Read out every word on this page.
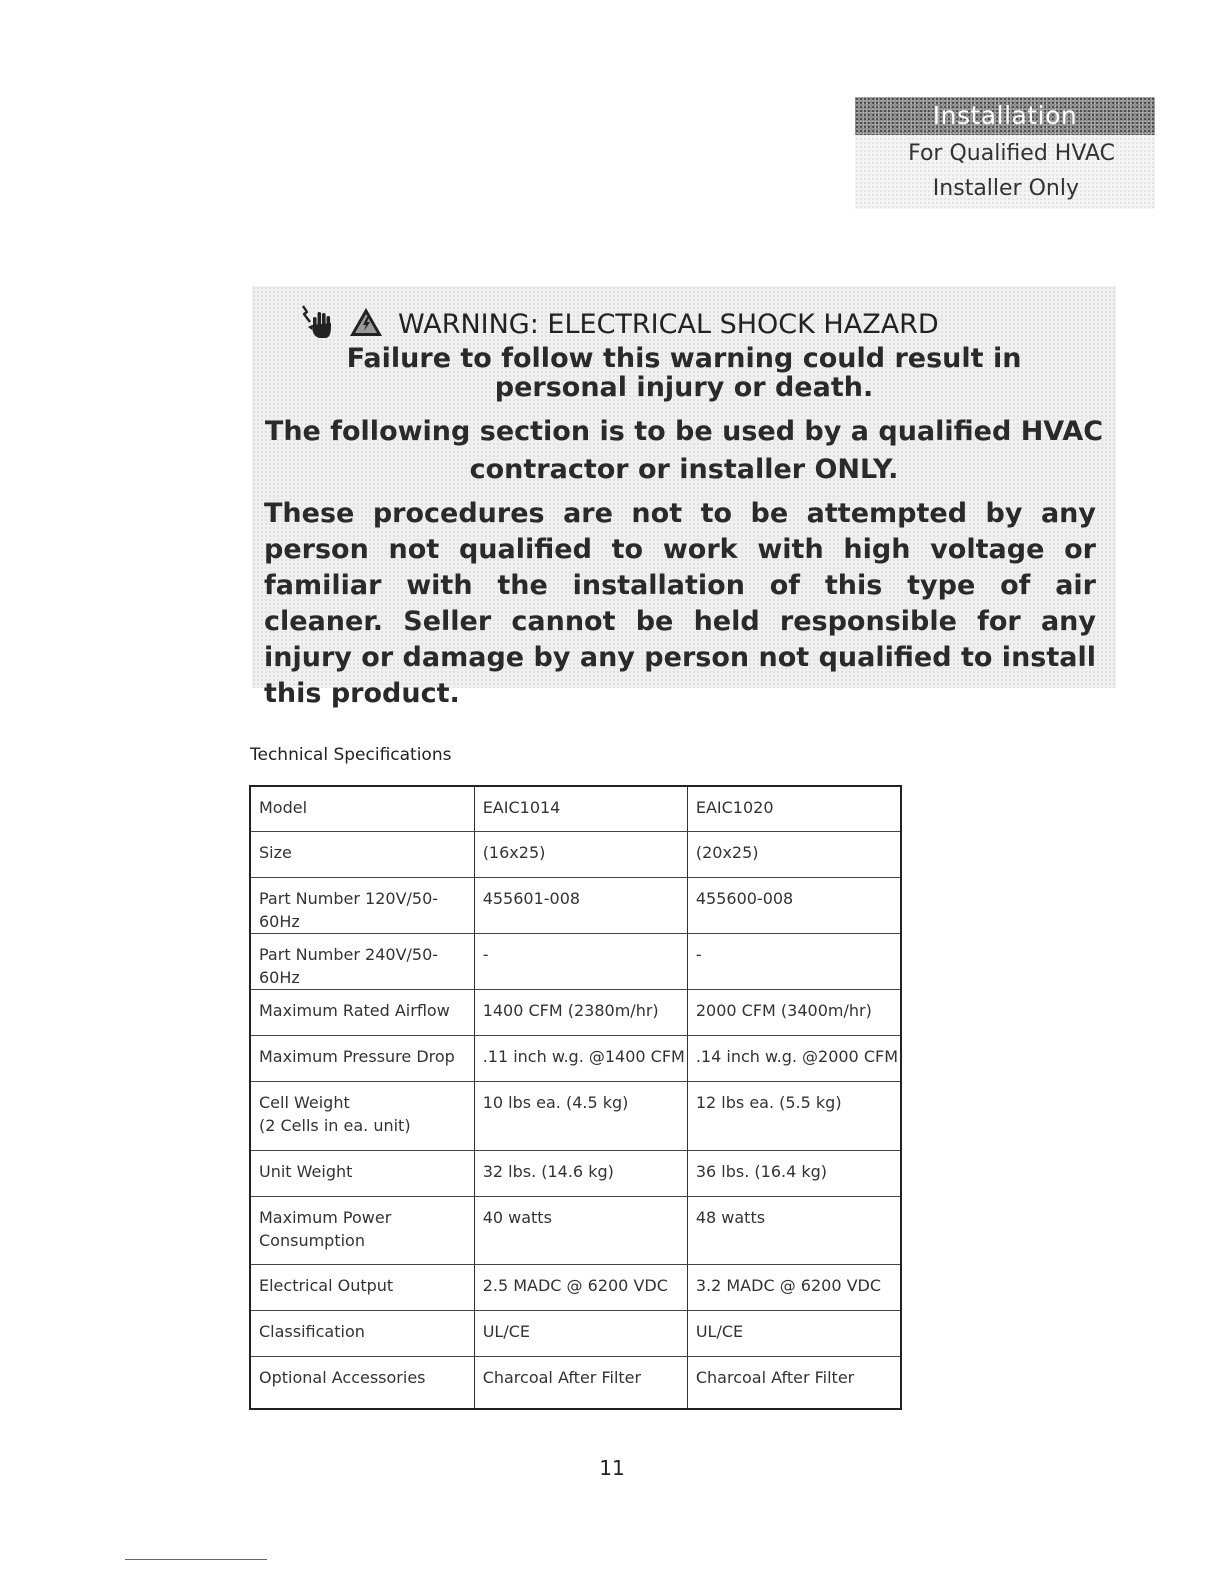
Installation
For Qualified HVAC
Installer Only
WARNING: ELECTRICAL SHOCK HAZARD
Failure to follow this warning could result in
personal injury or death.
The following section is to be used by a qualified HVAC
contractor or installer ONLY.
These procedures are not to be attempted by any person not qualified to work with high voltage or familiar with the installation of this type of air cleaner. Seller cannot be held responsible for any injury or damage by any person not qualified to install this product.
Technical Specifications
Model	EAIC1014	EAIC1020
Size	(16x25)	(20x25)
Part Number 120V/50-60Hz	455601-008	455600-008
Part Number 240V/50-60Hz	-	-
Maximum Rated Airflow	1400 CFM (2380m/hr)	2000 CFM (3400m/hr)
Maximum Pressure Drop	.11 inch w.g. @1400 CFM	.14 inch w.g. @2000 CFM

Cell Weight
(2 Cells in ea. unit)	10 lbs ea. (4.5 kg)	12 lbs ea. (5.5 kg)
Unit Weight	32 lbs. (14.6 kg)	36 lbs. (16.4 kg)

Maximum Power
Consumption	40 watts	48 watts
Electrical Output	2.5 MADC @ 6200 VDC	3.2 MADC @ 6200 VDC
Classification	UL/CE	UL/CE
Optional Accessories	Charcoal After Filter	Charcoal After Filter
11
